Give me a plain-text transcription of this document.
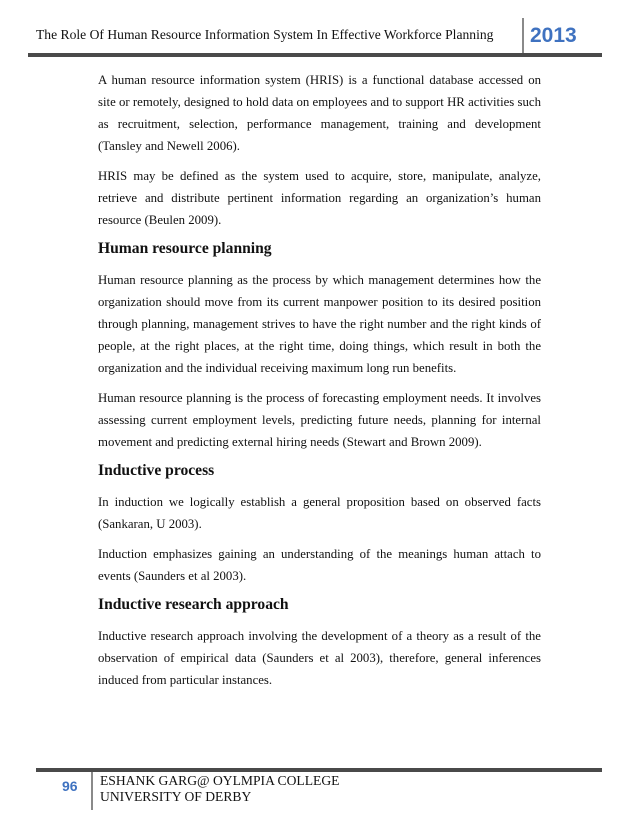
The Role Of Human Resource Information System In Effective Workforce Planning 2013

A human resource information system (HRIS) is a functional database accessed on site or remotely, designed to hold data on employees and to support HR activities such as recruitment, selection, performance management, training and development (Tansley and Newell 2006).

HRIS may be defined as the system used to acquire, store, manipulate, analyze, retrieve and distribute pertinent information regarding an organization’s human resource (Beulen 2009).

Human resource planning

Human resource planning as the process by which management determines how the organization should move from its current manpower position to its desired position through planning, management strives to have the right number and the right kinds of people, at the right places, at the right time, doing things, which result in both the organization and the individual receiving maximum long run benefits.

Human resource planning is the process of forecasting employment needs. It involves assessing current employment levels, predicting future needs, planning for internal movement and predicting external hiring needs (Stewart and Brown 2009).

Inductive process

In induction we logically establish a general proposition based on observed facts (Sankaran, U 2003).

Induction emphasizes gaining an understanding of the meanings human attach to events (Saunders et al 2003).

Inductive research approach

Inductive research approach involving the development of a theory as a result of the observation of empirical data (Saunders et al 2003), therefore, general inferences induced from particular instances.

96 ESHANK GARG@ OYLMPIA COLLEGE
UNIVERSITY OF DERBY
